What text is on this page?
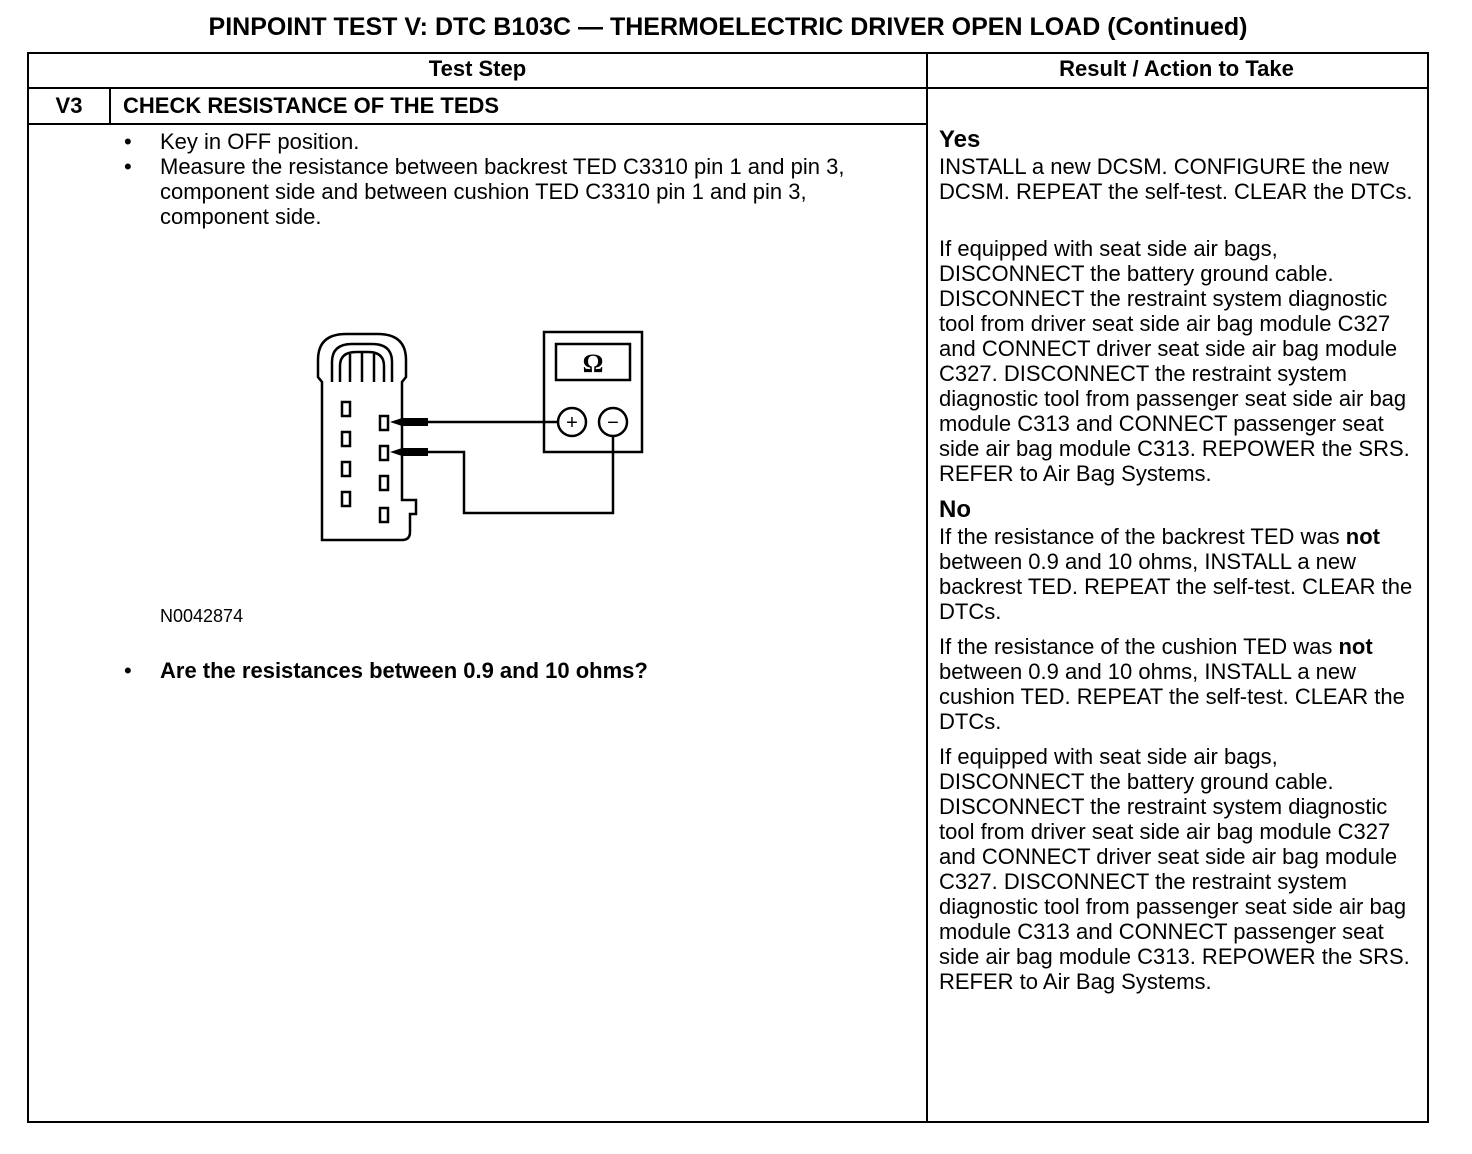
PINPOINT TEST V: DTC B103C — THERMOELECTRIC DRIVER OPEN LOAD (Continued)
Test Step	Result / Action to Take
V3	CHECK RESISTANCE OF THE TEDS

• Key in OFF position.

• Measure the resistance between backrest TED C3310 pin 1 and pin 3, component side and between cushion TED C3310 pin 1 and pin 3, component side.

Ω
+ −
N0042874
•	Are the resistances between 0.9 and 10 ohms?
Yes

INSTALL a new DCSM. CONFIGURE the new DCSM. REPEAT the self-test. CLEAR the DTCs.

If equipped with seat side air bags, DISCONNECT the battery ground cable. DISCONNECT the restraint system diagnostic tool from driver seat side air bag module C327 and CONNECT driver seat side air bag module C327. DISCONNECT the restraint system diagnostic tool from passenger seat side air bag module C313 and CONNECT passenger seat side air bag module C313. REPOWER the SRS. REFER to Air Bag Systems.

No

If the resistance of the backrest TED was not between 0.9 and 10 ohms, INSTALL a new backrest TED. REPEAT the self-test. CLEAR the DTCs.

If the resistance of the cushion TED was not between 0.9 and 10 ohms, INSTALL a new cushion TED. REPEAT the self-test. CLEAR the DTCs.

If equipped with seat side air bags, DISCONNECT the battery ground cable. DISCONNECT the restraint system diagnostic tool from driver seat side air bag module C327 and CONNECT driver seat side air bag module C327. DISCONNECT the restraint system diagnostic tool from passenger seat side air bag module C313 and CONNECT passenger seat side air bag module C313. REPOWER the SRS. REFER to Air Bag Systems.
